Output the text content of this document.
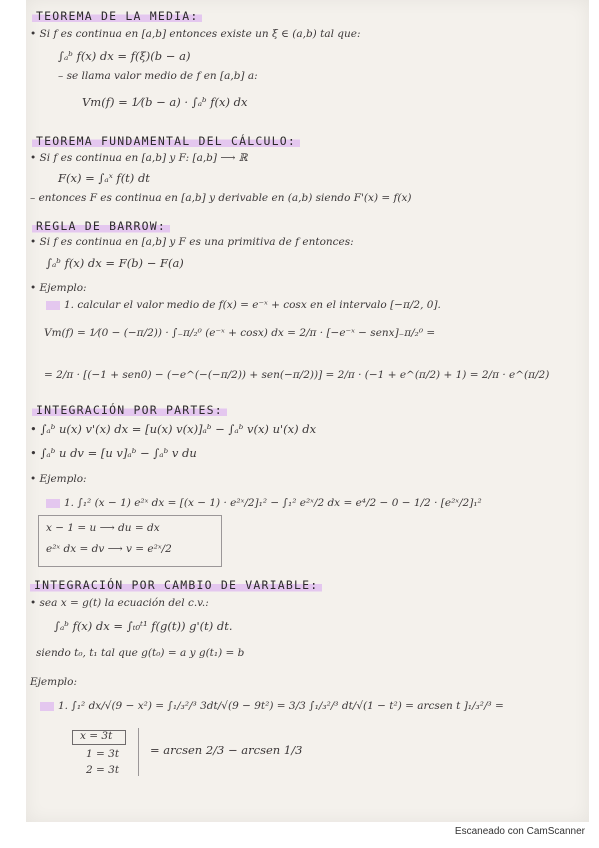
TEOREMA DE LA MEDIA:
• Si f es continua en [a,b] entonces existe un ξ ∈ (a,b) tal que:
∫ₐᵇ f(x) dx = f(ξ)(b − a)
– se llama valor medio de f en [a,b] a:
Vm(f) = 1⁄(b − a) · ∫ₐᵇ f(x) dx
TEOREMA FUNDAMENTAL DEL CÁLCULO:
• Si f es continua en [a,b] y F: [a,b] ⟶ ℝ
F(x) = ∫ₐˣ f(t) dt
– entonces F es continua en [a,b] y derivable en (a,b) siendo F'(x) = f(x)
REGLA DE BARROW:
• Si f es continua en [a,b] y F es una primitiva de f entonces:
∫ₐᵇ f(x) dx = F(b) − F(a)
• Ejemplo:
1. calcular el valor medio de f(x) = e⁻ˣ + cosx en el intervalo [−π/2, 0].
Vm(f) = 1⁄(0 − (−π/2)) · ∫₋π/₂⁰ (e⁻ˣ + cosx) dx = 2/π · [−e⁻ˣ − senx]₋π/₂⁰ =
= 2/π · [(−1 + sen0) − (−e^(−(−π/2)) + sen(−π/2))] = 2/π · (−1 + e^(π/2) + 1) = 2/π · e^(π/2)
INTEGRACIÓN POR PARTES:
• ∫ₐᵇ u(x) v'(x) dx = [u(x) v(x)]ₐᵇ − ∫ₐᵇ v(x) u'(x) dx
• ∫ₐᵇ u dv = [u v]ₐᵇ − ∫ₐᵇ v du
• Ejemplo:
1. ∫₁² (x − 1) e²ˣ dx = [(x − 1) · e²ˣ/2]₁² − ∫₁² e²ˣ/2 dx = e⁴/2 − 0 − 1/2 · [e²ˣ/2]₁²
x − 1 = u ⟶ du = dx
e²ˣ dx = dv ⟶ v = e²ˣ/2
INTEGRACIÓN POR CAMBIO DE VARIABLE:
• sea x = g(t) la ecuación del c.v.:
∫ₐᵇ f(x) dx = ∫ₜ₀ᵗ¹ f(g(t)) g'(t) dt.
siendo t₀, t₁ tal que g(t₀) = a y g(t₁) = b
Ejemplo:
1. ∫₁² dx/√(9 − x²) = ∫₁/₃²/³ 3dt/√(9 − 9t²) = 3/3 ∫₁/₃²/³ dt/√(1 − t²) = arcsen t ]₁/₃²/³ =
x = 3t
1 = 3t
2 = 3t
= arcsen 2/3 − arcsen 1/3
Escaneado con CamScanner
